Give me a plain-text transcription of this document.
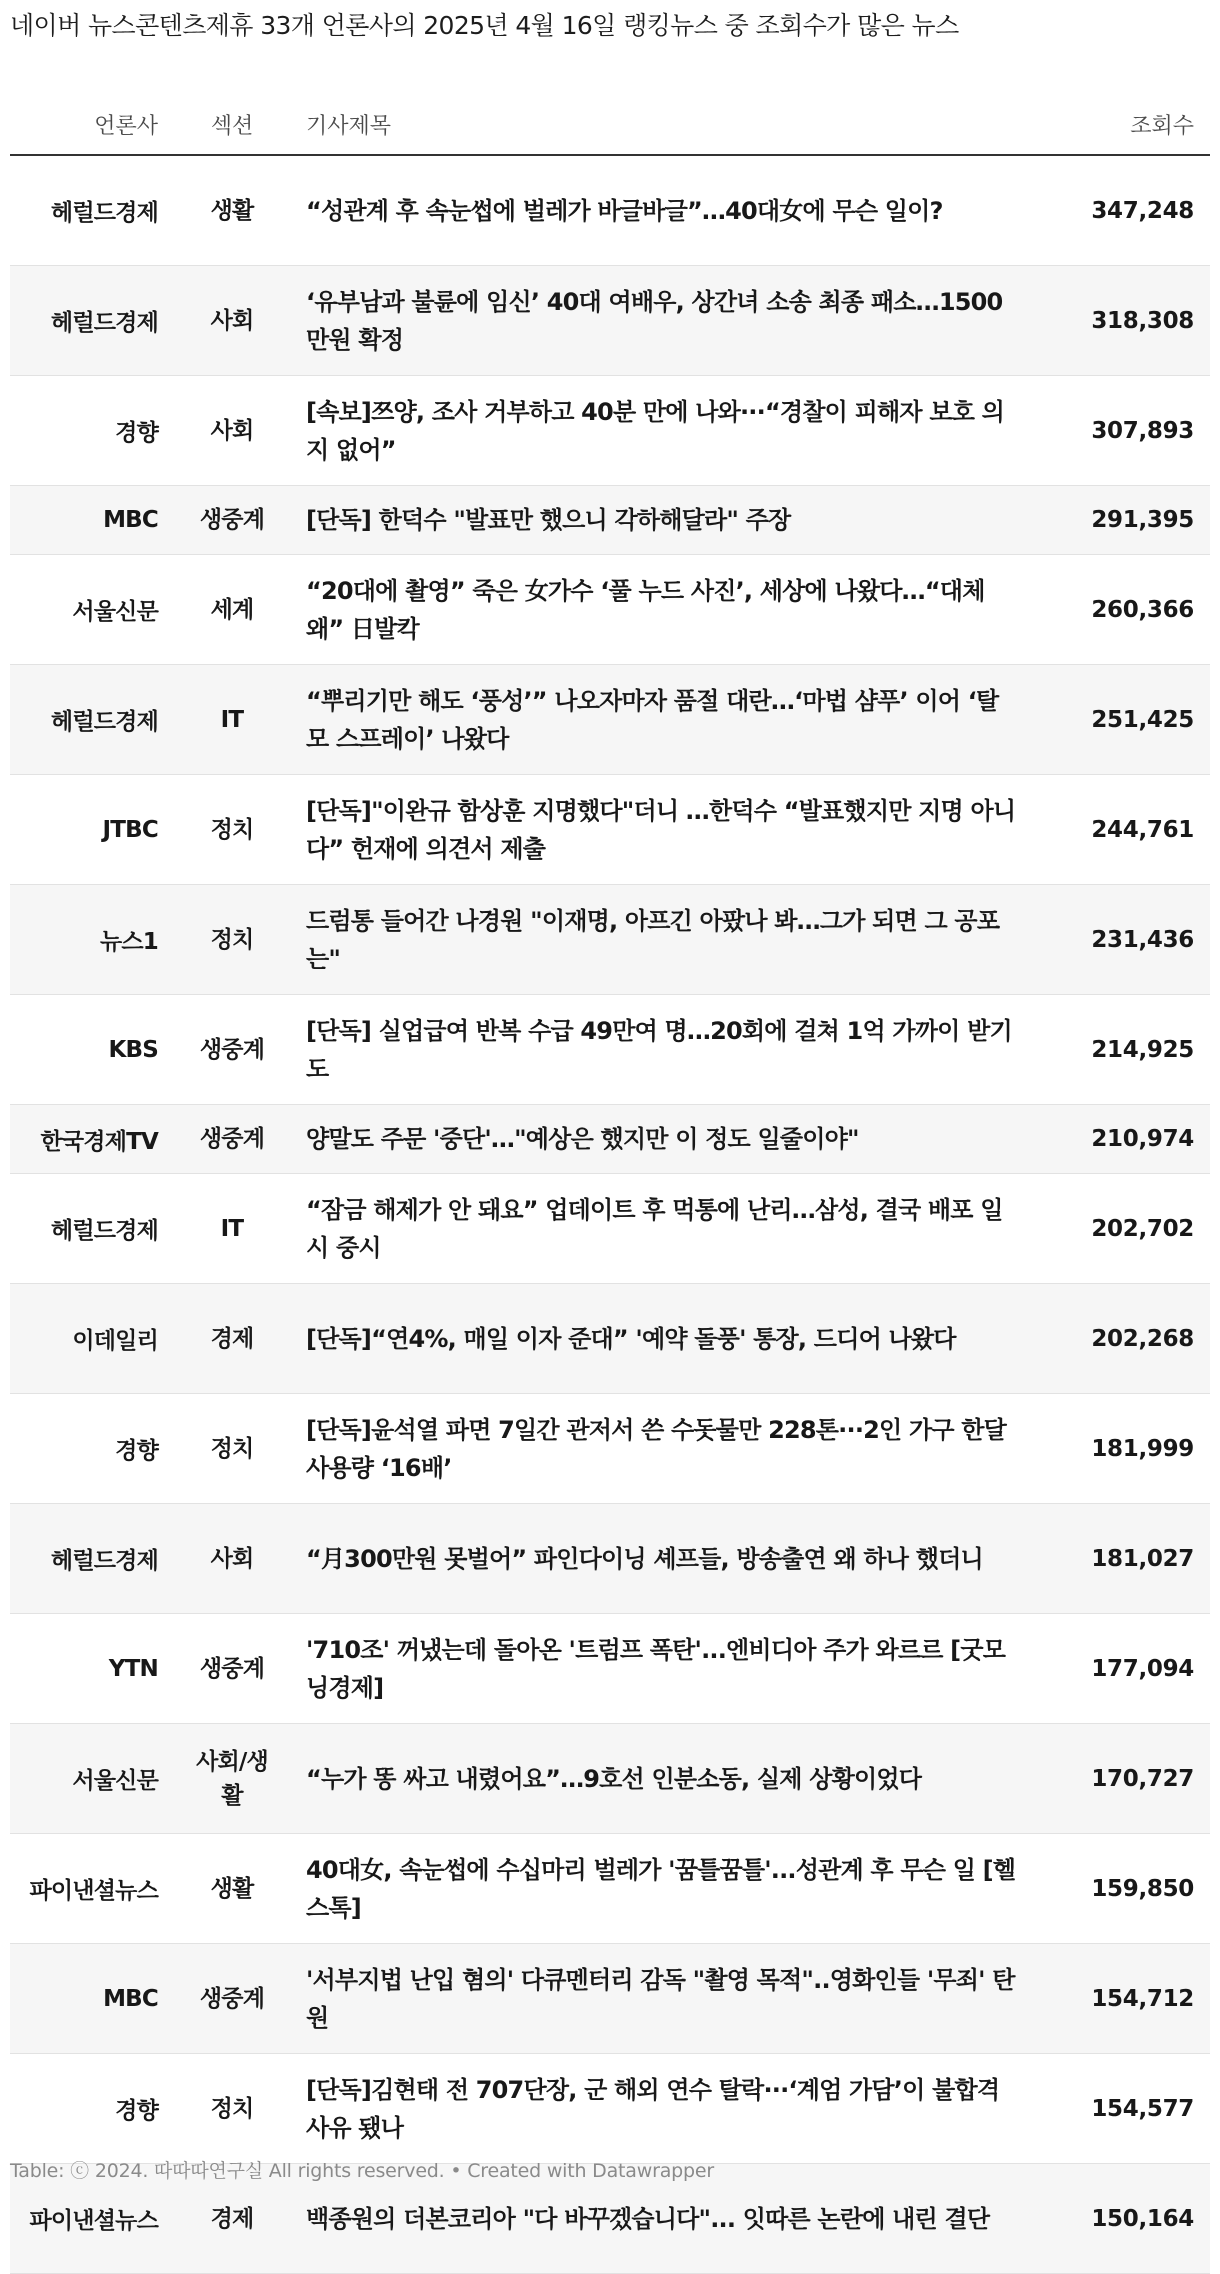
네이버 뉴스콘텐츠제휴 33개 언론사의 2025년 4월 16일 랭킹뉴스 중 조회수가 많은 뉴스
언론사	섹션	기사제목	조회수
헤럴드경제	생활	“성관계 후 속눈썹에 벌레가 바글바글”…40대女에 무슨 일이?	347,248
헤럴드경제	사회	‘유부남과 불륜에 임신’ 40대 여배우, 상간녀 소송 최종 패소…1500만원 확정	318,308
경향	사회	[속보]쯔양, 조사 거부하고 40분 만에 나와···“경찰이 피해자 보호 의지 없어”	307,893
MBC	생중계	[단독] 한덕수 "발표만 했으니 각하해달라" 주장	291,395
서울신문	세계	“20대에 촬영” 죽은 女가수 ‘풀 누드 사진’, 세상에 나왔다…“대체 왜” 日발칵	260,366
헤럴드경제	IT	“뿌리기만 해도 ‘풍성’” 나오자마자 품절 대란…‘마법 샴푸’ 이어 ‘탈모 스프레이’ 나왔다	251,425
JTBC	정치	[단독]"이완규 함상훈 지명했다"더니 …한덕수 “발표했지만 지명 아니다” 헌재에 의견서 제출	244,761
뉴스1	정치	드럼통 들어간 나경원 "이재명, 아프긴 아팠나 봐…그가 되면 그 공포는"	231,436
KBS	생중계	[단독] 실업급여 반복 수급 49만여 명…20회에 걸쳐 1억 가까이 받기도	214,925
한국경제TV	생중계	양말도 주문 '중단'…"예상은 했지만 이 정도 일줄이야"	210,974
헤럴드경제	IT	“잠금 해제가 안 돼요” 업데이트 후 먹통에 난리…삼성, 결국 배포 일시 중시	202,702
이데일리	경제	[단독]“연4%, 매일 이자 준대” '예약 돌풍' 통장, 드디어 나왔다	202,268
경향	정치	[단독]윤석열 파면 7일간 관저서 쓴 수돗물만 228톤···2인 가구 한달 사용량 ‘16배’	181,999
헤럴드경제	사회	“月300만원 못벌어” 파인다이닝 셰프들, 방송출연 왜 하나 했더니	181,027
YTN	생중계	'710조' 꺼냈는데 돌아온 '트럼프 폭탄'...엔비디아 주가 와르르 [굿모닝경제]	177,094
서울신문	사회/생활	“누가 똥 싸고 내렸어요”…9호선 인분소동, 실제 상황이었다	170,727
파이낸셜뉴스	생활	40대女, 속눈썹에 수십마리 벌레가 '꿈틀꿈틀'...성관계 후 무슨 일 [헬스톡]	159,850
MBC	생중계	'서부지법 난입 혐의' 다큐멘터리 감독 "촬영 목적"..영화인들 '무죄' 탄원	154,712
경향	정치	[단독]김현태 전 707단장, 군 해외 연수 탈락···‘계엄 가담’이 불합격 사유 됐나	154,577
파이낸셜뉴스	경제	백종원의 더본코리아 "다 바꾸겠습니다"... 잇따른 논란에 내린 결단	150,164
Table: ⓒ 2024. 따따따연구실 All rights reserved. • Created with Datawrapper
